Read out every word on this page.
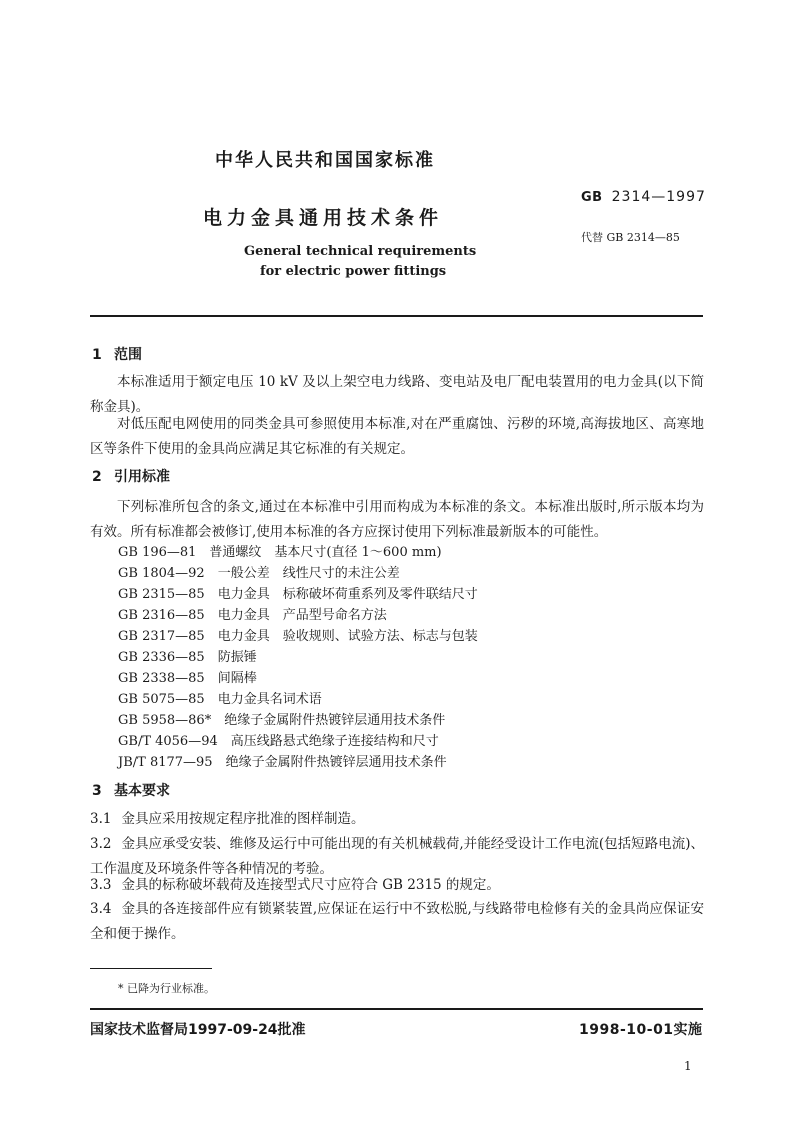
中华人民共和国国家标准
GB 2314—1997
电力金具通用技术条件
代替 GB 2314—85
General technical requirements
for electric power fittings
1 范围
本标准适用于额定电压 10 kV 及以上架空电力线路、变电站及电厂配电装置用的电力金具(以下简称金具)。
对低压配电网使用的同类金具可参照使用本标准,对在严重腐蚀、污秽的环境,高海拔地区、高寒地区等条件下使用的金具尚应满足其它标准的有关规定。
2 引用标准
下列标准所包含的条文,通过在本标准中引用而构成为本标准的条文。本标准出版时,所示版本均为有效。所有标准都会被修订,使用本标准的各方应探讨使用下列标准最新版本的可能性。
GB 196—81　普通螺纹　基本尺寸(直径 1～600 mm)
GB 1804—92　一般公差　线性尺寸的未注公差
GB 2315—85　电力金具　标称破坏荷重系列及零件联结尺寸
GB 2316—85　电力金具　产品型号命名方法
GB 2317—85　电力金具　验收规则、试验方法、标志与包装
GB 2336—85　防振锤
GB 2338—85　间隔棒
GB 5075—85　电力金具名词术语
GB 5958—86*　绝缘子金属附件热镀锌层通用技术条件
GB/T 4056—94　高压线路悬式绝缘子连接结构和尺寸
JB/T 8177—95　绝缘子金属附件热镀锌层通用技术条件
3 基本要求
3.1 金具应采用按规定程序批准的图样制造。
3.2 金具应承受安装、维修及运行中可能出现的有关机械载荷,并能经受设计工作电流(包括短路电流)、工作温度及环境条件等各种情况的考验。
3.3 金具的标称破坏载荷及连接型式尺寸应符合 GB 2315 的规定。
3.4 金具的各连接部件应有锁紧装置,应保证在运行中不致松脱,与线路带电检修有关的金具尚应保证安全和便于操作。
* 已降为行业标准。
国家技术监督局1997-09-24批准	1998-10-01实施
1
